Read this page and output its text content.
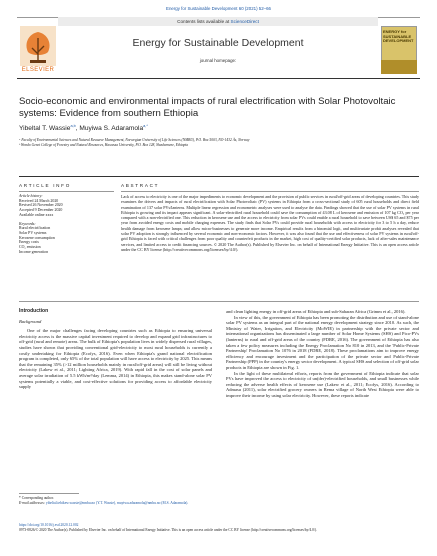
Energy for Sustainable Development 60 (2021) 52–66
Contents lists available at ScienceDirect
ELSEVIER
Energy for Sustainable Development
journal homepage:
ENERGY for SUSTAINABLE DEVELOPMENT
Socio-economic and environmental impacts of rural electrification with Solar Photovoltaic systems: Evidence from southern Ethiopia
Yibeltal T. Wassie$^{a,b}$, Muyiwa S. Adaramola$^{a,*}$
ᵃ Faculty of Environmental Sciences and Natural Resource Management, Norwegian University of Life Sciences (NMBU), P.O. Box 5003, NO-1432 Ås, Norway
ᵇ Wondo Genet College of Forestry and Natural Resources, Hawassa University, P.O. Box 128, Shashemene, Ethiopia
ARTICLE INFO	ABSTRACT
Article history:
Received 24 March 2020
Revised 26 November 2020
Accepted 9 December 2020
Available online xxxx
Keywords:
Rural electrification
Solar PV systems
Kerosene consumption
Energy costs
CO₂ emission
Income generation
Lack of access to electricity is one of the major impediments to economic development and the provision of public services in rural/off-grid areas of developing countries. This study examines the drivers and impacts of rural electrification with Solar Photovoltaic (PV) systems in Ethiopia from a cross-sectional study of 605 rural households and direct field examination of 137 solar PVs/lanterns. Multiple linear regression and econometric analyses were used to analyse the data. Findings showed that the use of solar PV systems in rural Ethiopia is growing and its impact appears significant. A solar-electrified rural household could save the consumption of 43.08 L of kerosene and emission of 107 kg CO₂ per year compared with a non-electrified one. This reduction in kerosene use and the access to electricity from solar PVs could enable a rural household to save between US$ 65 and $75 per year from avoided energy costs and mobile charging expenses. The study finds that Solar PVs could provide rural households with access to electricity for 3 to 5 h a day, reduce health damage from kerosene lamps; and allow micro-businesses to generate more income. Empirical results from a binomial logit, and multivariate probit analyses revealed that solar PV adoption is strongly influenced by several economic and non-economic factors. However, it was also found that the use and effectiveness of solar PV systems in rural/off-grid Ethiopia is faced with critical challenges from poor quality and counterfeit products in the market, high cost of quality-certified solar products, lack of after-sales maintenance services, and limited access to credit financing sources. © 2020 The Author(s). Published by Elsevier Inc. on behalf of International Energy Initiative. This is an open access article under the CC BY license (http://creativecommons.org/licenses/by/4.0/).
Introduction
Background

One of the major challenges facing developing countries such as Ethiopia to ensuring universal electricity access is the massive capital investment required to develop and expand grid infrastructures to off-grid (rural and remote) areas. The bulk of Ethiopia's population lives in widely dispersed rural villages, studies have shown that providing conventional grid-electricity to most rural households is currently a costly undertaking for Ethiopia (Ecofys, 2016). Even when Ethiopia's grand national electrification program is completed, only 65% of the total population will have access to electricity by 2025. This means that the remaining 35% (>12 million households mainly in rural/off-grid areas) will still be living without electricity (Lakew et al., 2011; Lighting Africa, 2019). With rapid fall in the cost of solar panels and average solar irradiation of 5.5 kWh/m²/day (Lemma, 2014) in Ethiopia, this makes stand-alone solar PV systems potentially a viable, and cost-effective solutions for providing access to affordable electricity supply

and clean lighting energy in off-grid areas of Ethiopia and sub-Saharan Africa (Grimm et al., 2016).

In view of this, the government of Ethiopia has been promoting the distribution and use of stand-alone solar PV systems as an integral part of the national energy development strategy since 2010. As such, the Ministry of Water, Irrigation, and Electricity (MoWIE) in partnership with the private sector and international organizations has disseminated a large number of Solar Home Systems (SHS) and Pico-PVs (lanterns) to rural and off-grid areas of the country (FDRE, 2016). The government of Ethiopia has also taken a few policy measures including the Energy Proclamation No 810 in 2013, and the 'Public-Private Partnership' Proclamation No 1076 in 2018 (FDRE, 2018). These proclamations aim to improve energy efficiency and encourage investment and the participation of the private sector and Public-Private Partnership (PPP) in the country's energy sector development. A typical SHS and selection of off-grid solar products in Ethiopia are shown in Fig. 1.

In the light of these multilateral efforts, reports from the government of Ethiopia indicate that solar PVs have improved the access to electricity of un(der)-electrified households, and small businesses while reducing the adverse health effects of kerosene use (Lakew et al., 2011; Ecofys, 2016). According to Admasu (2011), solar electrified grocery owners in Rema village of North West Ethiopia were able to improve their income by using solar electricity. However, these reports indicate

* Corresponding author.
E-mail addresses: yibeltal.tebikew.wassie@nmbu.no (Y.T. Wassie), muyiwa.adaramola@nmbu.no (M.S. Adaramola).
https://doi.org/10.1016/j.esd.2020.12.002
0973-0826/© 2020 The Author(s). Published by Elsevier Inc. on behalf of International Energy Initiative. This is an open access article under the CC BY license (http://creativecommons.org/licenses/by/4.0/).
